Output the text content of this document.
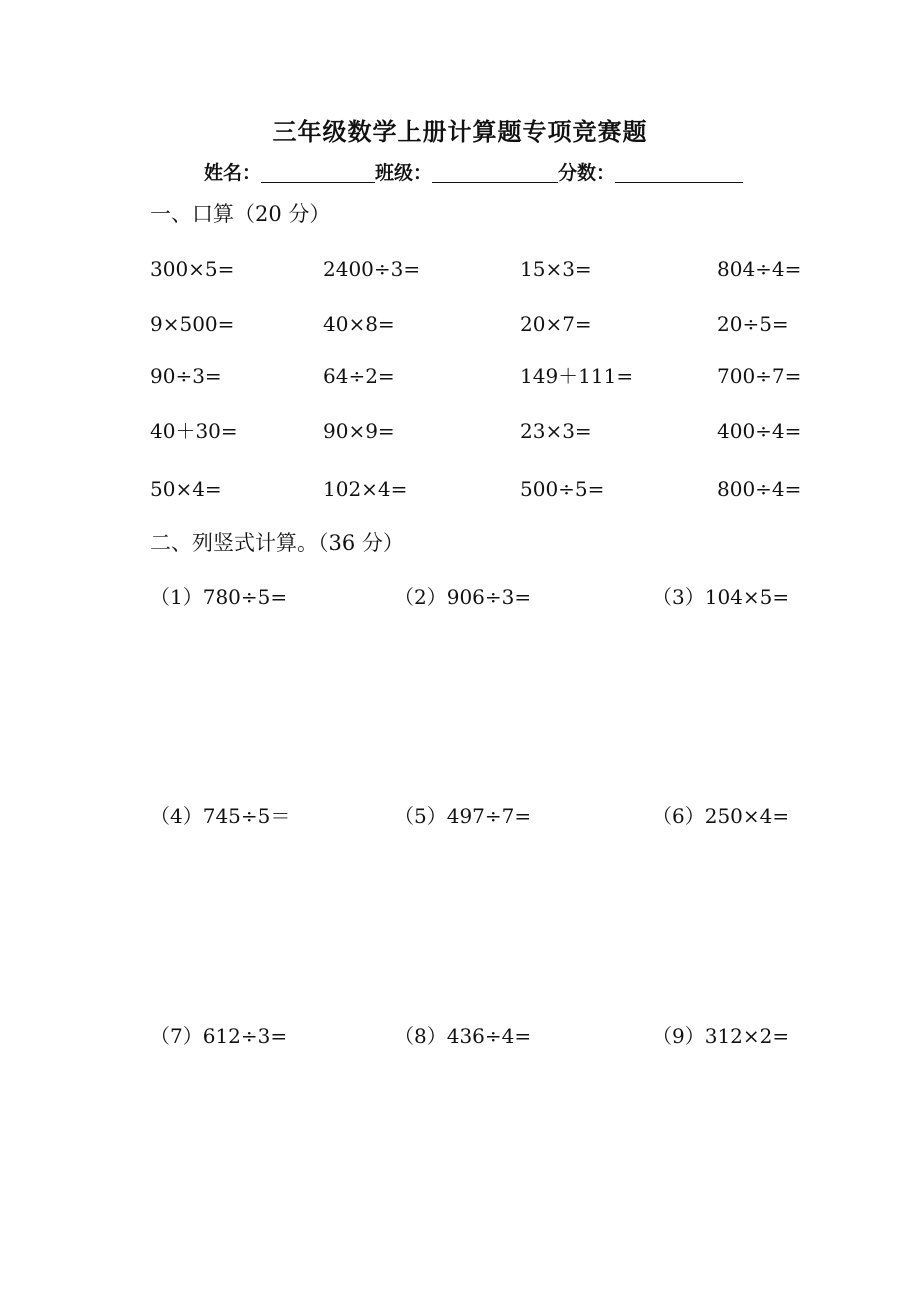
三年级数学上册计算题专项竞赛题
姓名：	班级：	分数：
一、口算（20 分）
300×5=	2400÷3=	15×3=	804÷4=
9×500=	40×8=	20×7=	20÷5=
90÷3=	64÷2=	149＋111=	700÷7=
40＋30=	90×9=	23×3=	400÷4=
50×4=	102×4=	500÷5=	800÷4=
二、列竖式计算。（36 分）
（1）780÷5=	（2）906÷3=	（3）104×5=
（4）745÷5＝	（5）497÷7=	（6）250×4=
（7）612÷3=	（8）436÷4=	（9）312×2=
